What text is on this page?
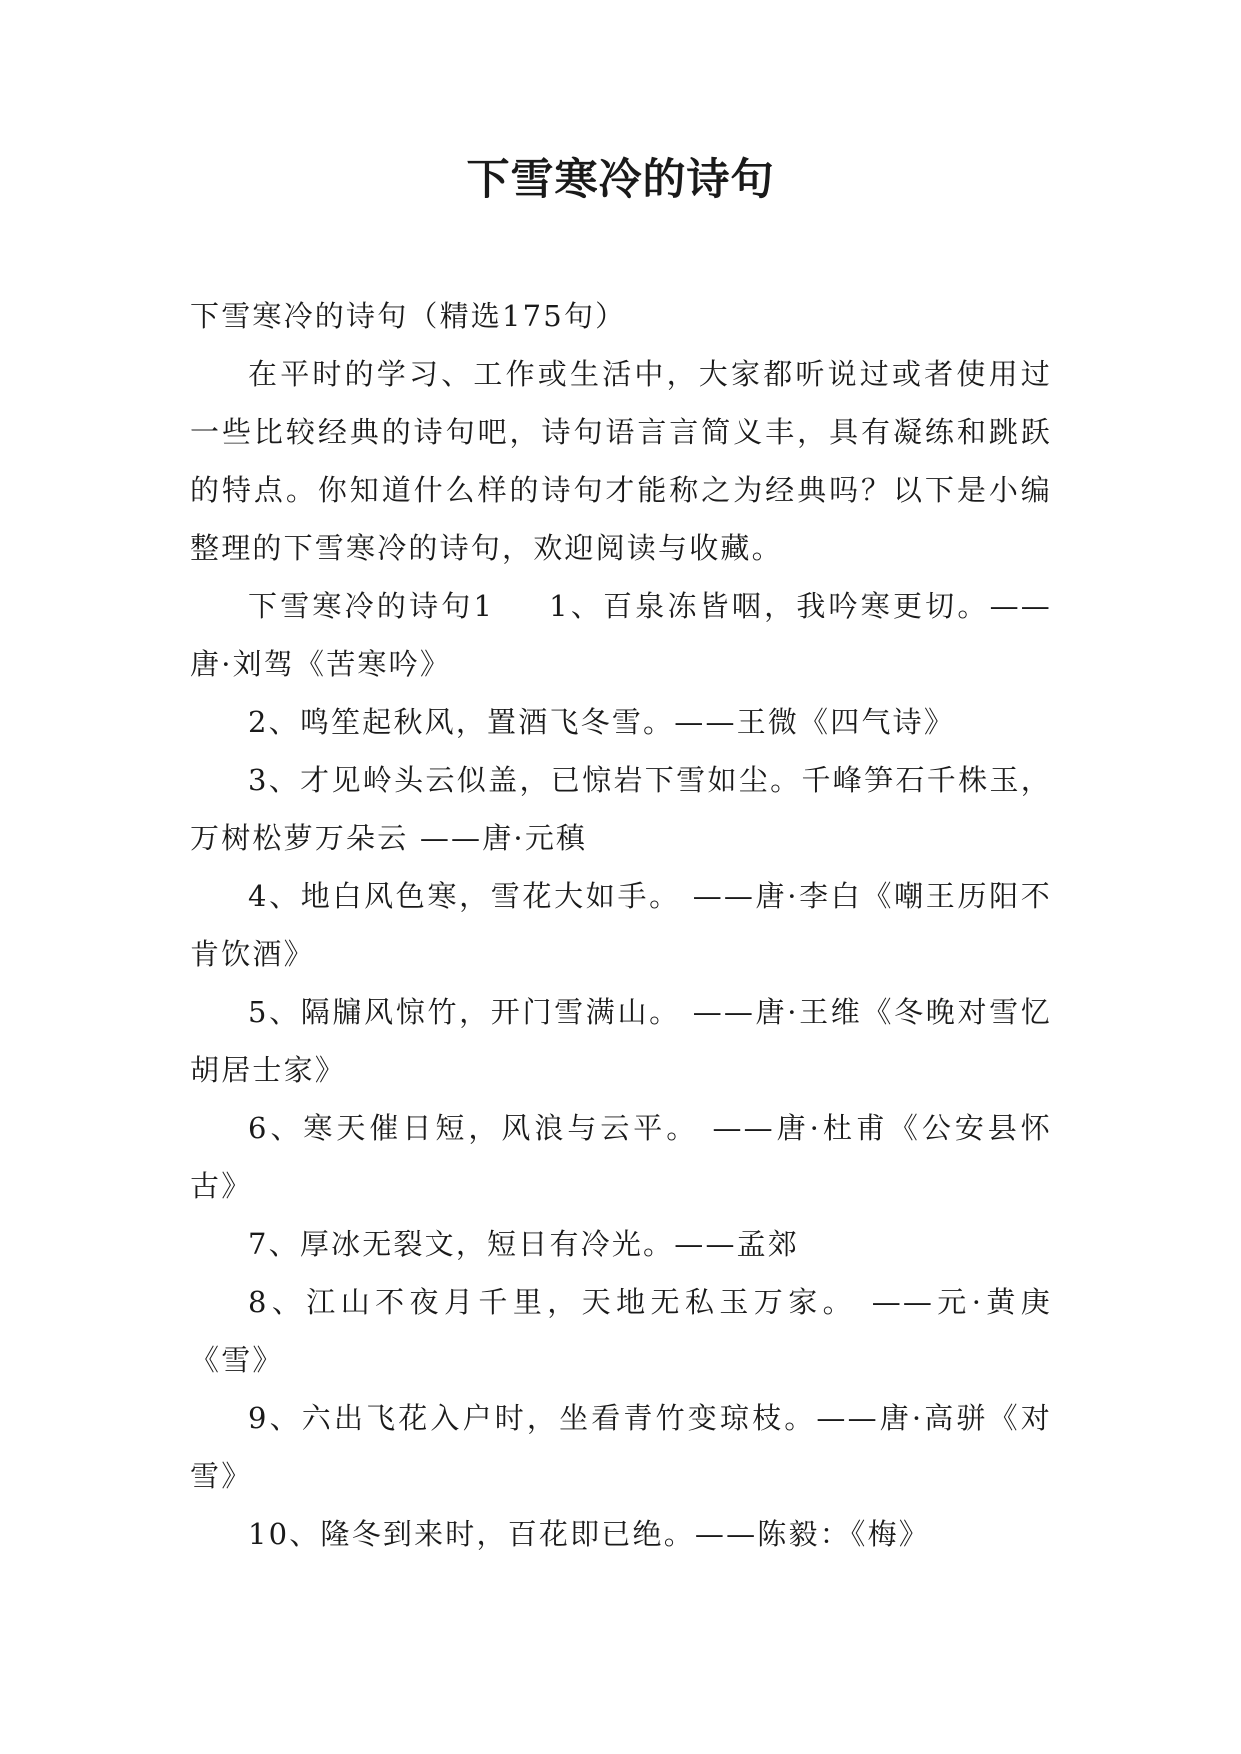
下雪寒冷的诗句

下雪寒冷的诗句（精选175句）

在平时的学习、工作或生活中，大家都听说过或者使用过一些比较经典的诗句吧，诗句语言言简义丰，具有凝练和跳跃的特点。你知道什么样的诗句才能称之为经典吗？以下是小编整理的下雪寒冷的诗句，欢迎阅读与收藏。

下雪寒冷的诗句1 1、百泉冻皆咽，我吟寒更切。——唐·刘驾《苦寒吟》

2、鸣笙起秋风，置酒飞冬雪。——王微《四气诗》

3、才见岭头云似盖，已惊岩下雪如尘。千峰笋石千株玉，万树松萝万朵云 ——唐·元稹

4、地白风色寒，雪花大如手。 ——唐·李白《嘲王历阳不肯饮酒》

5、隔牖风惊竹，开门雪满山。 ——唐·王维《冬晚对雪忆胡居士家》

6、寒天催日短，风浪与云平。 ——唐·杜甫《公安县怀古》

7、厚冰无裂文，短日有冷光。——孟郊

8、江山不夜月千里，天地无私玉万家。 ——元·黄庚《雪》

9、六出飞花入户时，坐看青竹变琼枝。——唐·高骈《对雪》

10、隆冬到来时，百花即已绝。——陈毅：《梅》
